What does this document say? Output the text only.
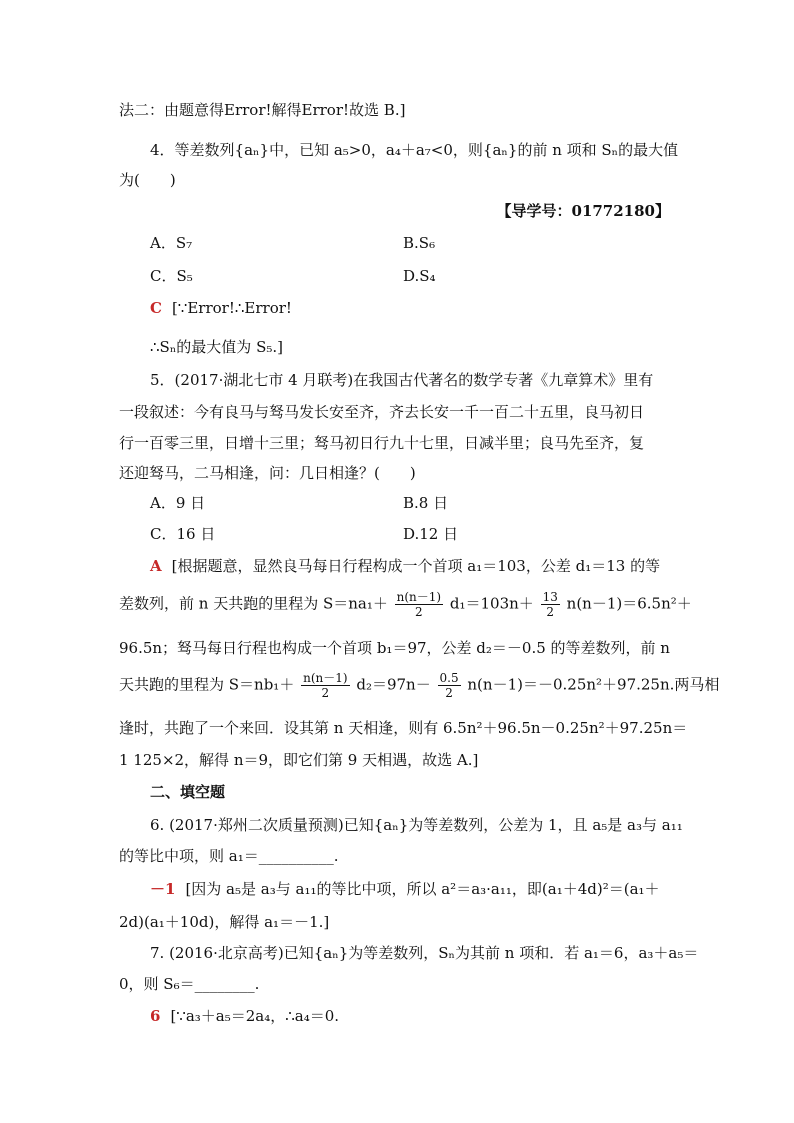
法二：由题意得Error!解得Error!故选 B.]
4．等差数列{aₙ}中，已知 a₅>0，a₄＋a₇<0，则{aₙ}的前 n 项和 Sₙ的最大值
为(　　)
【导学号：01772180】
A．S₇	B.S₆
C．S₅	D.S₄
C [∵Error!∴Error!
∴Sₙ的最大值为 S₅.]
5．(2017·湖北七市 4 月联考)在我国古代著名的数学专著《九章算术》里有
一段叙述：今有良马与驽马发长安至齐，齐去长安一千一百二十五里，良马初日
行一百零三里，日增十三里；驽马初日行九十七里，日减半里；良马先至齐，复
还迎驽马，二马相逢，问：几日相逢？(　　)
A．9 日	B.8 日
C．16 日	D.12 日
A [根据题意，显然良马每日行程构成一个首项 a₁＝103，公差 d₁＝13 的等
差数列，前 n 天共跑的里程为 $S=na_1+ \frac{n(n-1)}{2} d_1=103n+ \frac{13}{2} n(n-1)=6.5n^2+$
96.5n；驽马每日行程也构成一个首项 b₁＝97，公差 d₂＝－0.5 的等差数列，前 n
天共跑的里程为 $S=nb_1+ \frac{n(n-1)}{2} d_2=97n- \frac{0.5}{2} n(n-1)=-0.25n^2+97.25n$.两马相
逢时，共跑了一个来回．设其第 n 天相逢，则有 6.5n²＋96.5n－0.25n²＋97.25n＝
1 125×2，解得 n＝9，即它们第 9 天相遇，故选 A.]
二、填空题
6. (2017·郑州二次质量预测)已知{aₙ}为等差数列，公差为 1，且 a₅是 a₃与 a₁₁
的等比中项，则 a₁＝__________.
－1 [因为 a₅是 a₃与 a₁₁的等比中项，所以 a²＝a₃·a₁₁，即(a₁＋4d)²＝(a₁＋
2d)(a₁＋10d)，解得 a₁＝－1.]
7. (2016·北京高考)已知{aₙ}为等差数列，Sₙ为其前 n 项和．若 a₁＝6，a₃＋a₅＝
0，则 S₆＝________.
6 [∵a₃＋a₅＝2a₄，∴a₄＝0.
